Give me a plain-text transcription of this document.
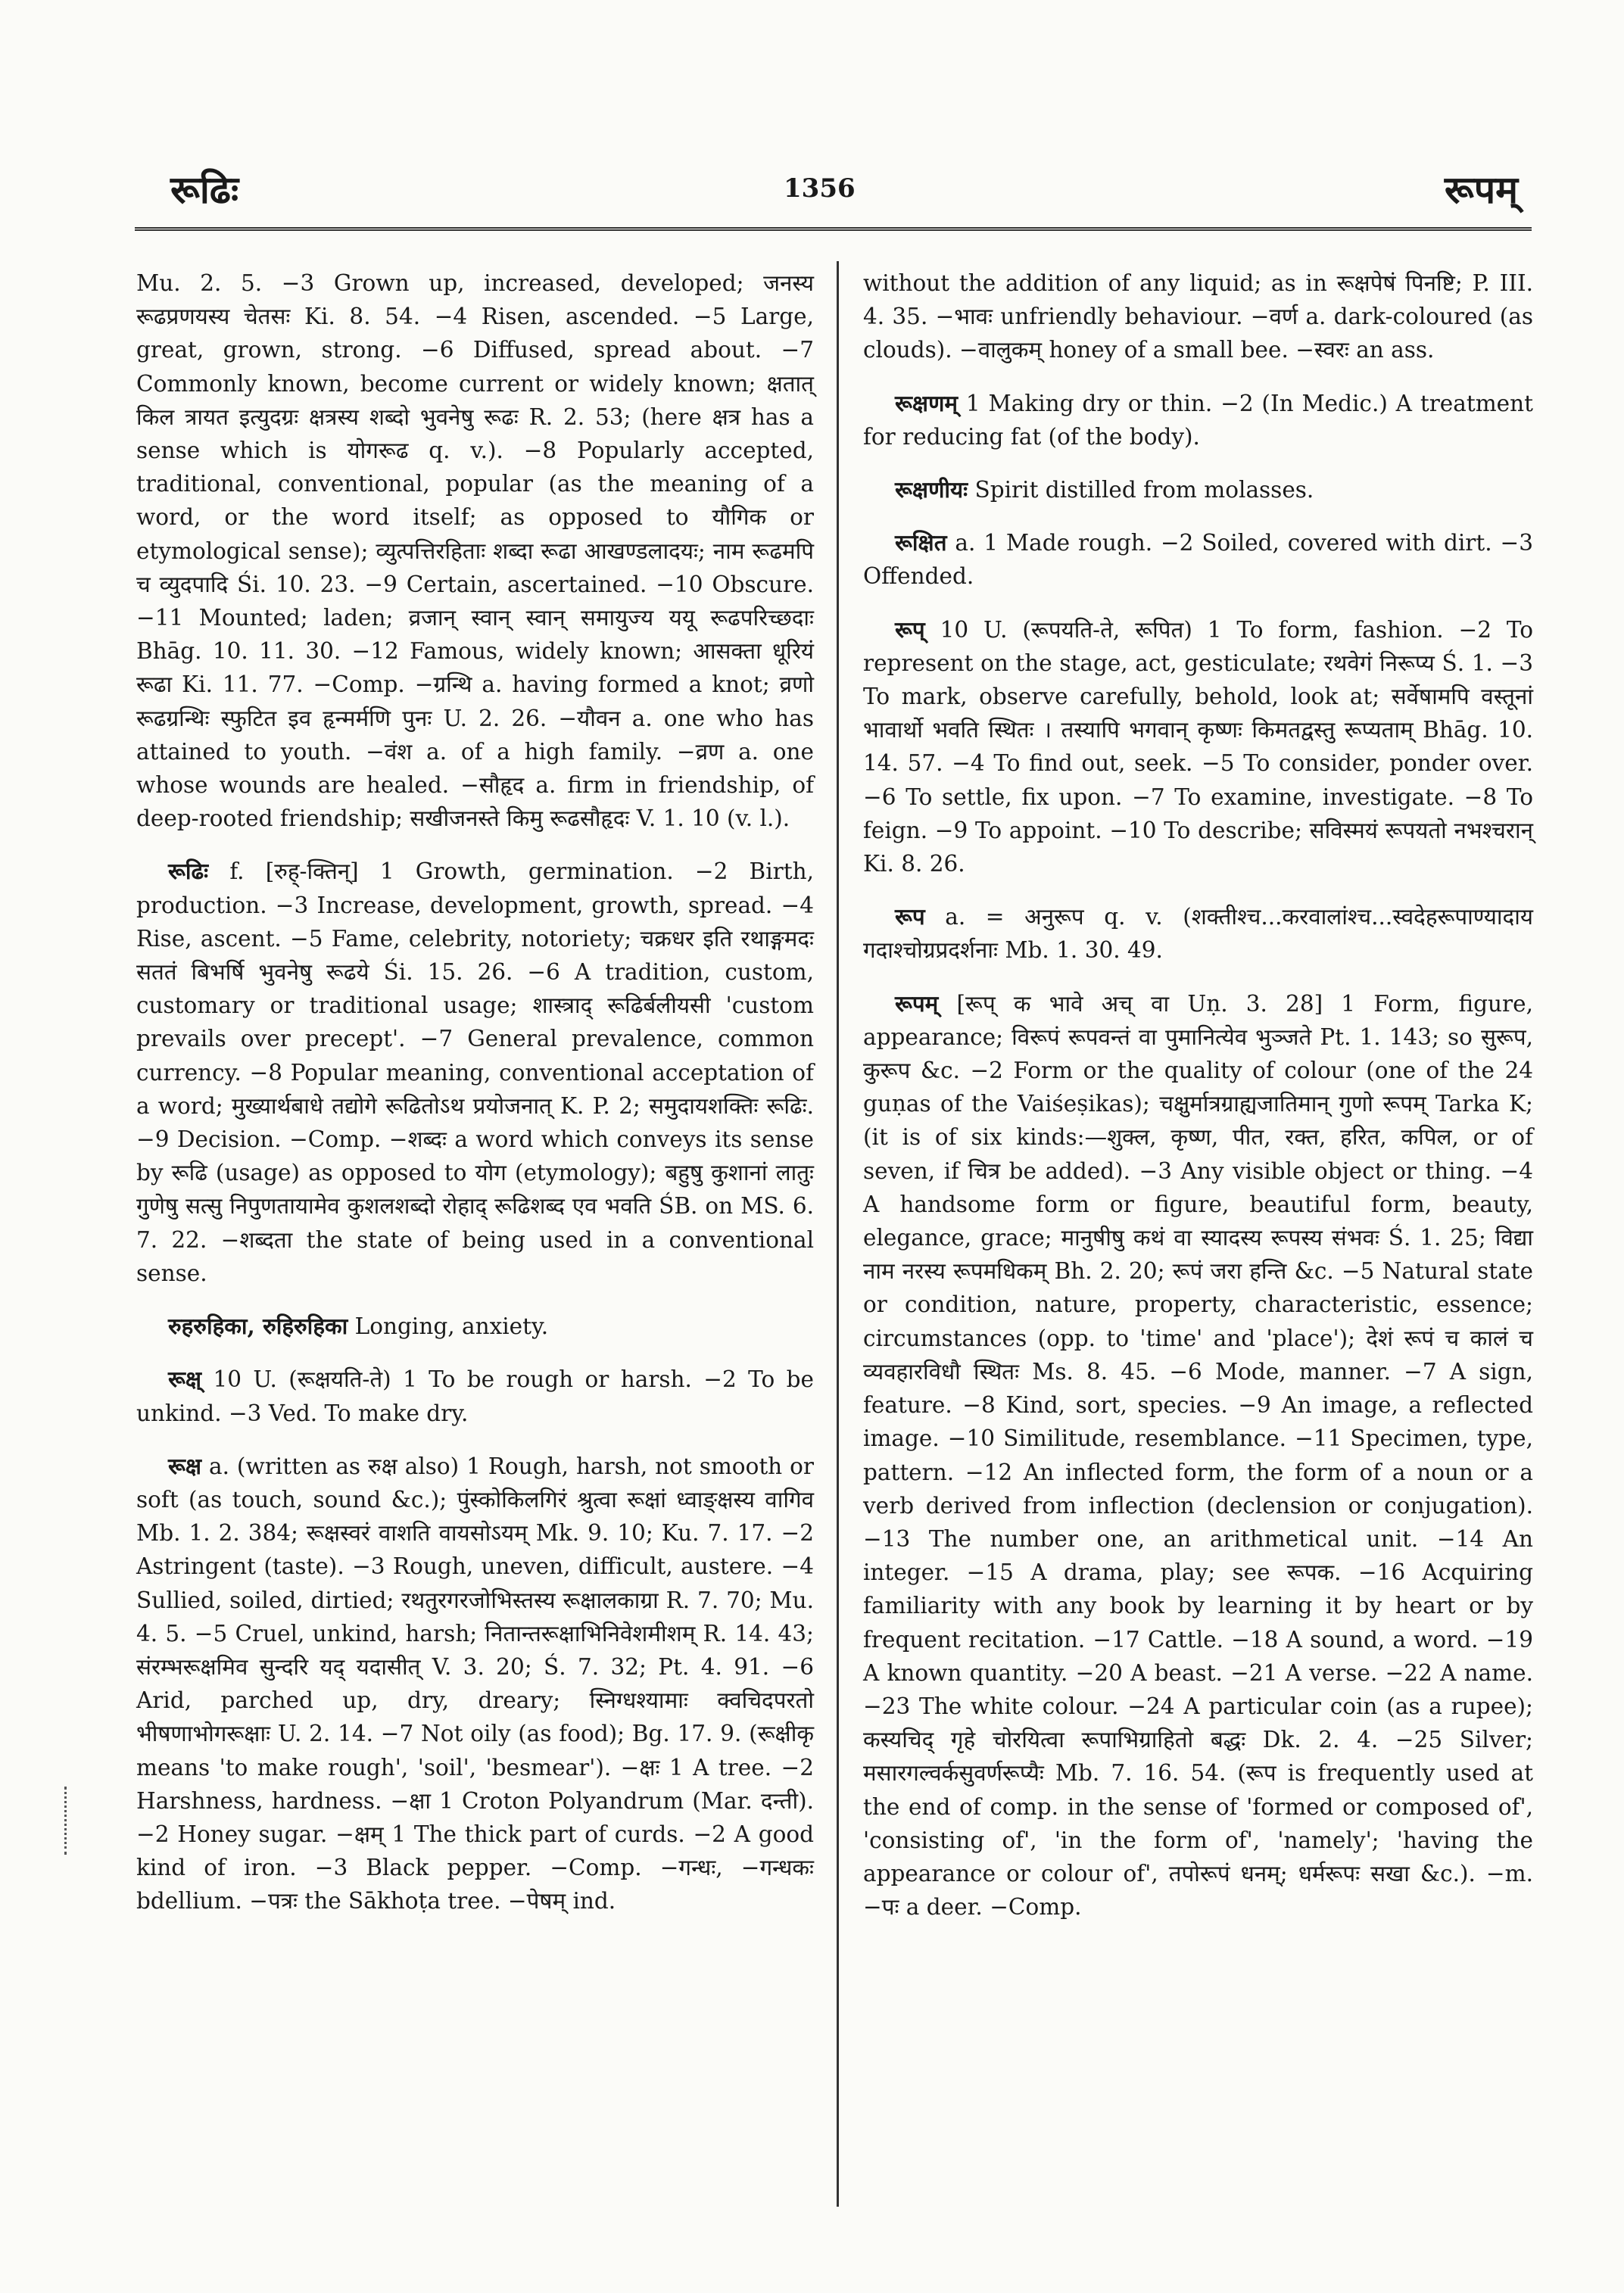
रूढिः	1356	रूपम्

Mu. 2. 5. −3 Grown up, increased, developed; जनस्य रूढप्रणयस्य चेतसः Ki. 8. 54. −4 Risen, ascended. −5 Large, great, grown, strong. −6 Diffused, spread about. −7 Commonly known, become current or widely known; क्षतात् किल त्रायत इत्युदग्रः क्षत्रस्य शब्दो भुवनेषु रूढः R. 2. 53; (here क्षत्र has a sense which is योगरूढ q. v.). −8 Popularly accepted, traditional, conventional, popular (as the meaning of a word, or the word itself; as opposed to यौगिक or etymological sense); व्युत्पत्तिरहिताः शब्दा रूढा आखण्डलादयः; नाम रूढमपि च व्युदपादि Śi. 10. 23. −9 Certain, ascertained. −10 Obscure. −11 Mounted; laden; व्रजान् स्वान् स्वान् समायुज्य ययू रूढपरिच्छदाः Bhāg. 10. 11. 30. −12 Famous, widely known; आसक्ता धूरियं रूढा Ki. 11. 77. −Comp. −ग्रन्थि a. having formed a knot; व्रणो रूढग्रन्थिः स्फुटित इव हृन्मर्मणि पुनः U. 2. 26. −यौवन a. one who has attained to youth. −वंश a. of a high family. −व्रण a. one whose wounds are healed. −सौहृद a. firm in friendship, of deep-rooted friendship; सखीजनस्ते किमु रूढसौहृदः V. 1. 10 (v. l.).

रूढिः f. [रुह्-क्तिन्] 1 Growth, germination. −2 Birth, production. −3 Increase, development, growth, spread. −4 Rise, ascent. −5 Fame, celebrity, notoriety; चक्रधर इति रथाङ्गमदः सततं बिभर्षि भुवनेषु रूढये Śi. 15. 26. −6 A tradition, custom, customary or traditional usage; शास्त्राद् रूढिर्बलीयसी 'custom prevails over precept'. −7 General prevalence, common currency. −8 Popular meaning, conventional acceptation of a word; मुख्यार्थबाधे तद्योगे रूढितोऽथ प्रयोजनात् K. P. 2; समुदायशक्तिः रूढिः. −9 Decision. −Comp. −शब्दः a word which conveys its sense by रूढि (usage) as opposed to योग (etymology); बहुषु कुशानां लातुः गुणेषु सत्सु निपुणतायामेव कुशलशब्दो रोहाद् रूढिशब्द एव भवति ŚB. on MS. 6. 7. 22. −शब्दता the state of being used in a conventional sense.

रुहरुहिका, रुहिरुहिका Longing, anxiety.

रूक्ष् 10 U. (रूक्षयति-ते) 1 To be rough or harsh. −2 To be unkind. −3 Ved. To make dry.

रूक्ष a. (written as रुक्ष also) 1 Rough, harsh, not smooth or soft (as touch, sound &c.); पुंस्कोकिलगिरं श्रुत्वा रूक्षां ध्वाङ्क्षस्य वागिव Mb. 1. 2. 384; रूक्षस्वरं वाशति वायसोऽयम् Mk. 9. 10; Ku. 7. 17. −2 Astringent (taste). −3 Rough, uneven, difficult, austere. −4 Sullied, soiled, dirtied; रथतुरगरजोभिस्तस्य रूक्षालकाग्रा R. 7. 70; Mu. 4. 5. −5 Cruel, unkind, harsh; नितान्तरूक्षाभिनिवेशमीशम् R. 14. 43; संरम्भरूक्षमिव सुन्दरि यद् यदासीत् V. 3. 20; Ś. 7. 32; Pt. 4. 91. −6 Arid, parched up, dry, dreary; स्निग्धश्यामाः क्वचिदपरतो भीषणाभोगरूक्षाः U. 2. 14. −7 Not oily (as food); Bg. 17. 9. (रूक्षीकृ means 'to make rough', 'soil', 'besmear'). −क्षः 1 A tree. −2 Harshness, hardness. −क्षा 1 Croton Polyandrum (Mar. दन्ती). −2 Honey sugar. −क्षम् 1 The thick part of curds. −2 A good kind of iron. −3 Black pepper. −Comp. −गन्धः, −गन्धकः bdellium. −पत्रः the Sākhoṭa tree. −पेषम् ind.

without the addition of any liquid; as in रूक्षपेषं पिनष्टि; P. III. 4. 35. −भावः unfriendly behaviour. −वर्ण a. dark-coloured (as clouds). −वालुकम् honey of a small bee. −स्वरः an ass.

रूक्षणम् 1 Making dry or thin. −2 (In Medic.) A treatment for reducing fat (of the body).

रूक्षणीयः Spirit distilled from molasses.

रूक्षित a. 1 Made rough. −2 Soiled, covered with dirt. −3 Offended.

रूप् 10 U. (रूपयति-ते, रूपित) 1 To form, fashion. −2 To represent on the stage, act, gesticulate; रथवेगं निरूप्य Ś. 1. −3 To mark, observe carefully, behold, look at; सर्वेषामपि वस्तूनां भावार्थो भवति स्थितः । तस्यापि भगवान् कृष्णः किमतद्वस्तु रूप्यताम् Bhāg. 10. 14. 57. −4 To find out, seek. −5 To consider, ponder over. −6 To settle, fix upon. −7 To examine, investigate. −8 To feign. −9 To appoint. −10 To describe; सविस्मयं रूपयतो नभश्चरान् Ki. 8. 26.

रूप a. = अनुरूप q. v. (शक्तीश्च...करवालांश्च...स्वदेहरूपाण्यादाय गदाश्चोग्रप्रदर्शनाः Mb. 1. 30. 49.

रूपम् [रूप् क भावे अच् वा Uṇ. 3. 28] 1 Form, figure, appearance; विरूपं रूपवन्तं वा पुमानित्येव भुञ्जते Pt. 1. 143; so सुरूप, कुरूप &c. −2 Form or the quality of colour (one of the 24 guṇas of the Vaiśeṣikas); चक्षुर्मात्रग्राह्यजातिमान् गुणो रूपम् Tarka K; (it is of six kinds:—शुक्ल, कृष्ण, पीत, रक्त, हरित, कपिल, or of seven, if चित्र be added). −3 Any visible object or thing. −4 A handsome form or figure, beautiful form, beauty, elegance, grace; मानुषीषु कथं वा स्यादस्य रूपस्य संभवः Ś. 1. 25; विद्या नाम नरस्य रूपमधिकम् Bh. 2. 20; रूपं जरा हन्ति &c. −5 Natural state or condition, nature, property, characteristic, essence; circumstances (opp. to 'time' and 'place'); देशं रूपं च कालं च व्यवहारविधौ स्थितः Ms. 8. 45. −6 Mode, manner. −7 A sign, feature. −8 Kind, sort, species. −9 An image, a reflected image. −10 Similitude, resemblance. −11 Specimen, type, pattern. −12 An inflected form, the form of a noun or a verb derived from inflection (declension or conjugation). −13 The number one, an arithmetical unit. −14 An integer. −15 A drama, play; see रूपक. −16 Acquiring familiarity with any book by learning it by heart or by frequent recitation. −17 Cattle. −18 A sound, a word. −19 A known quantity. −20 A beast. −21 A verse. −22 A name. −23 The white colour. −24 A particular coin (as a rupee); कस्यचिद् गृहे चोरयित्वा रूपाभिग्राहितो बद्धः Dk. 2. 4. −25 Silver; मसारगल्वर्कसुवर्णरूप्यैः Mb. 7. 16. 54. (रूप is frequently used at the end of comp. in the sense of 'formed or composed of', 'consisting of', 'in the form of', 'namely'; 'having the appearance or colour of', तपोरूपं धनम्; धर्मरूपः सखा &c.). −m. −पः a deer. −Comp.
